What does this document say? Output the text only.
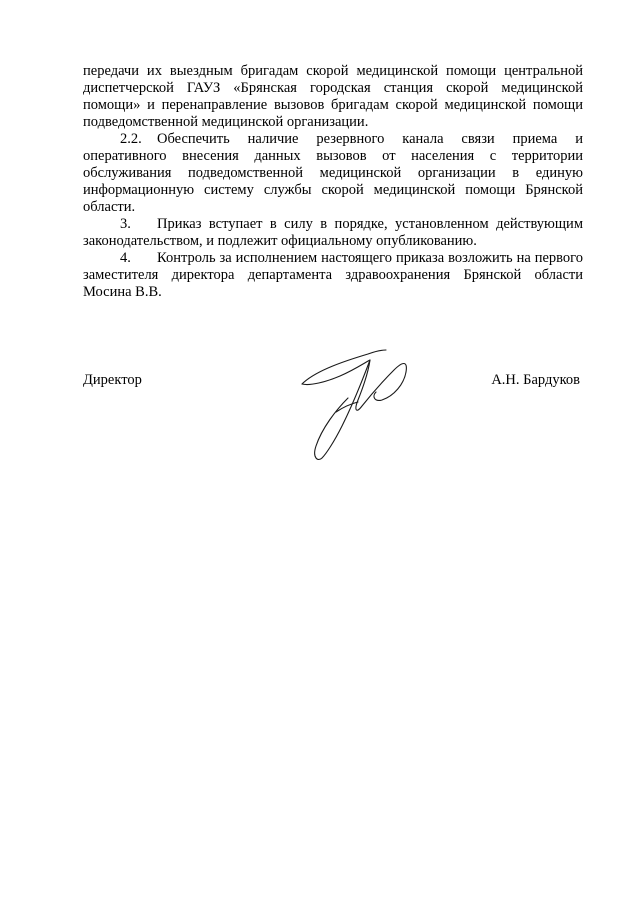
передачи их выездным бригадам скорой медицинской помощи центральной диспетчерской ГАУЗ «Брянская городская станция скорой медицинской помощи» и перенаправление вызовов бригадам скорой медицинской помощи подведомственной медицинской организации.

2.2. Обеспечить наличие резервного канала связи приема и оперативного внесения данных вызовов от населения с территории обслуживания подведомственной медицинской организации в единую информационную систему службы скорой медицинской помощи Брянской области.

3. Приказ вступает в силу в порядке, установленном действующим законодательством, и подлежит официальному опубликованию.

4. Контроль за исполнением настоящего приказа возложить на первого заместителя директора департамента здравоохранения Брянской области Мосина В.В.

Директор	А.Н. Бардуков
